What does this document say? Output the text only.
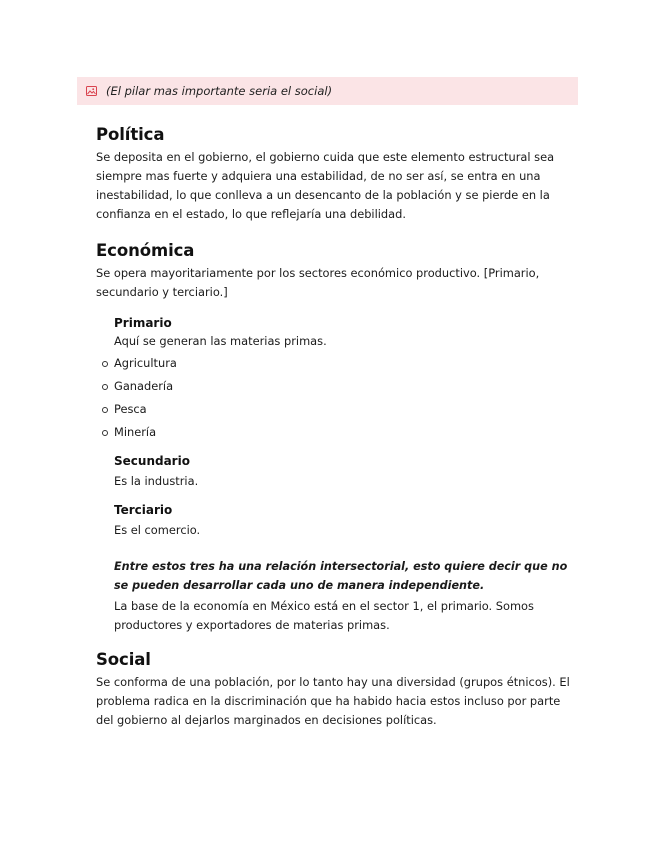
(El pilar mas importante seria el social)
Política

Se deposita en el gobierno, el gobierno cuida que este elemento estructural sea siempre mas fuerte y adquiera una estabilidad, de no ser así, se entra en una inestabilidad, lo que conlleva a un desencanto de la población y se pierde en la confianza en el estado, lo que reflejaría una debilidad.

Económica

Se opera mayoritariamente por los sectores económico productivo. [Primario, secundario y terciario.]

Primario

Aquí se generan las materias primas.

Agricultura
Ganadería
Pesca
Minería
Secundario

Es la industria.

Terciario

Es el comercio.

Entre estos tres ha una relación intersectorial, esto quiere decir que no se pueden desarrollar cada uno de manera independiente.

La base de la economía en México está en el sector 1, el primario. Somos productores y exportadores de materias primas.

Social

Se conforma de una población, por lo tanto hay una diversidad (grupos étnicos). El problema radica en la discriminación que ha habido hacia estos incluso por parte del gobierno al dejarlos marginados en decisiones políticas.
